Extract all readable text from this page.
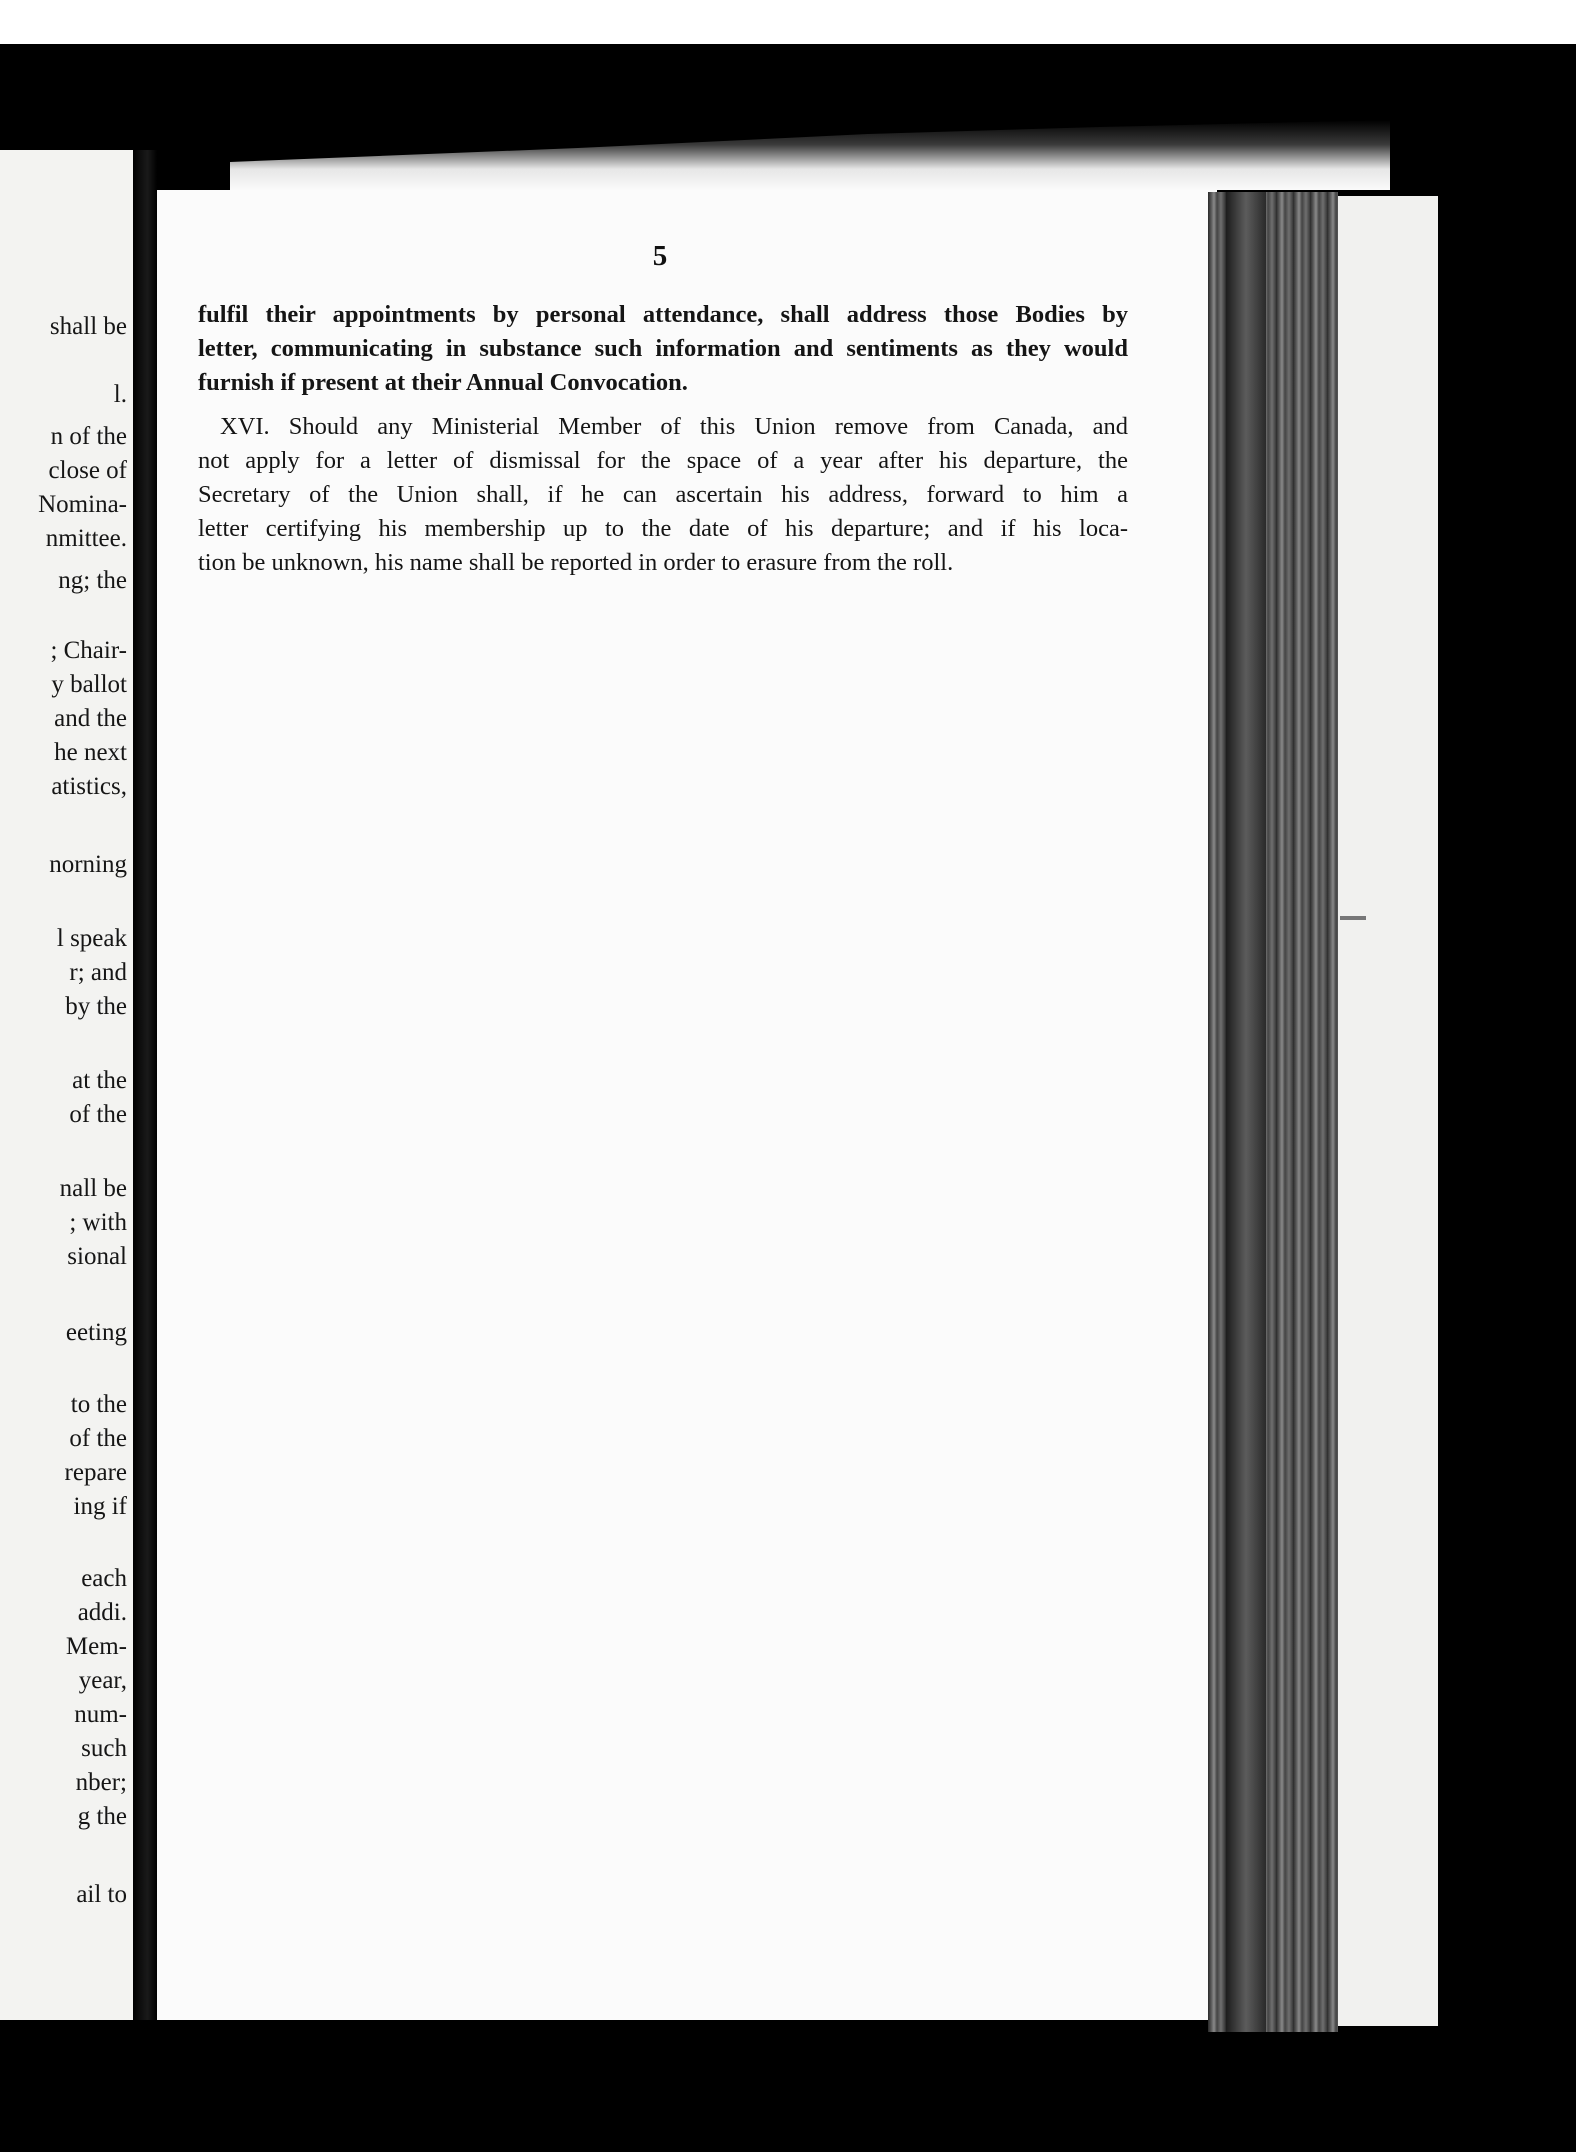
shall be
l.
n of the
close of
Nomina-
nmittee.
ng; the
; Chair-
y ballot
and the
he next
atistics,
norning
l speak
r; and
by the
at the
of the
nall be
; with
sional
eeting
to the
of the
repare
ing if
each
addi.
Mem-
year,
num-
such
nber;
g the
ail to
5

fulfil their appointments by personal attendance, shall address those Bodies by
letter, communicating in substance such information and sentiments as they would
furnish if present at their Annual Convocation.

XVI. Should any Ministerial Member of this Union remove from Canada, and
not apply for a letter of dismissal for the space of a year after his departure, the
Secretary of the Union shall, if he can ascertain his address, forward to him a
letter certifying his membership up to the date of his departure; and if his loca-
tion be unknown, his name shall be reported in order to erasure from the roll.
